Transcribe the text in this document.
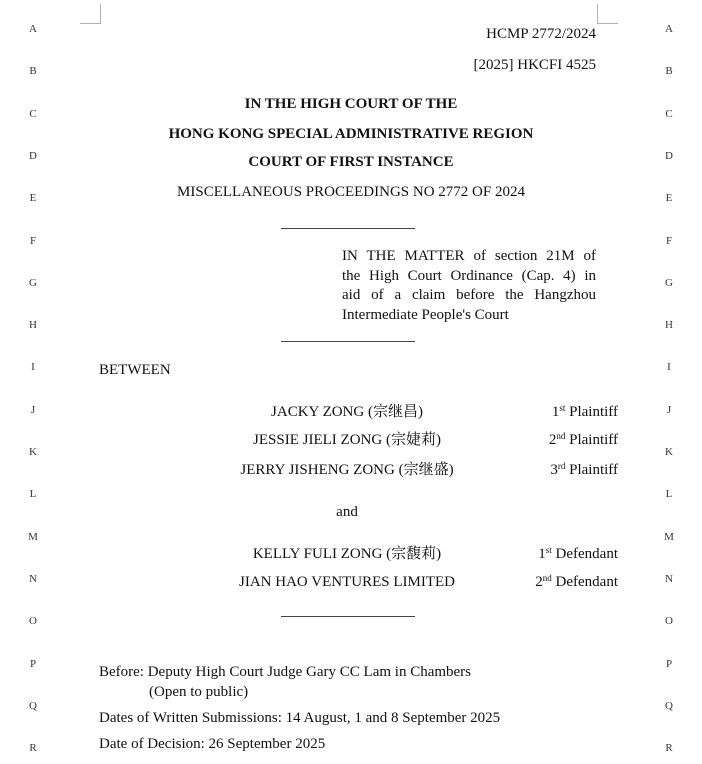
A	A
B	B
C	C
D	D
E	E
F	F
G	G
H	H
I	I
J	J
K	K
L	L
M	M
N	N
O	O
P	P
Q	Q
R	R
HCMP 2772/2024
[2025] HKCFI 4525
IN THE HIGH COURT OF THE
HONG KONG SPECIAL ADMINISTRATIVE REGION
COURT OF FIRST INSTANCE
MISCELLANEOUS PROCEEDINGS NO 2772 OF 2024
IN THE MATTER of section 21M of
the High Court Ordinance (Cap. 4) in
aid of a claim before the Hangzhou
Intermediate People's Court
BETWEEN
JACKY ZONG (宗继昌)	1st Plaintiff
JESSIE JIELI ZONG (宗婕莉)	2nd Plaintiff
JERRY JISHENG ZONG (宗继盛)	3rd Plaintiff
and
KELLY FULI ZONG (宗馥莉)	1st Defendant
JIAN HAO VENTURES LIMITED	2nd Defendant
Before: Deputy High Court Judge Gary CC Lam in Chambers
(Open to public)
Dates of Written Submissions: 14 August, 1 and 8 September 2025
Date of Decision: 26 September 2025
